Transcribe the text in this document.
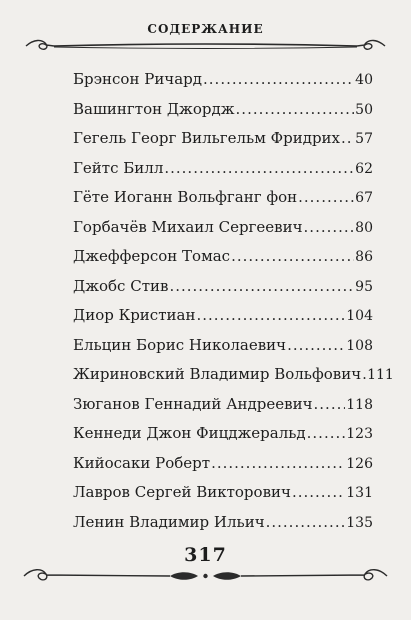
СОДЕРЖАНИЕ
Брэнсон Ричард .....	40
Вашингтон Джордж .....	50
Гегель Георг Вильгельм Фридрих ..... 57
Гейтс Билл .....	62
Гёте Иоганн Вольфганг фон .....	67
Горбачёв Михаил Сергеевич .....	80
Джефферсон Томас .....	86
Джобс Стив .....	95
Диор Кристиан .....	104
Ельцин Борис Николаевич .....	108
Жириновский Владимир Вольфович ..... 111
Зюганов Геннадий Андреевич ..... 118
Кеннеди Джон Фицджеральд .....	123
Кийосаки Роберт .....	126
Лавров Сергей Викторович .....	131
Ленин Владимир Ильич .....	135
317
